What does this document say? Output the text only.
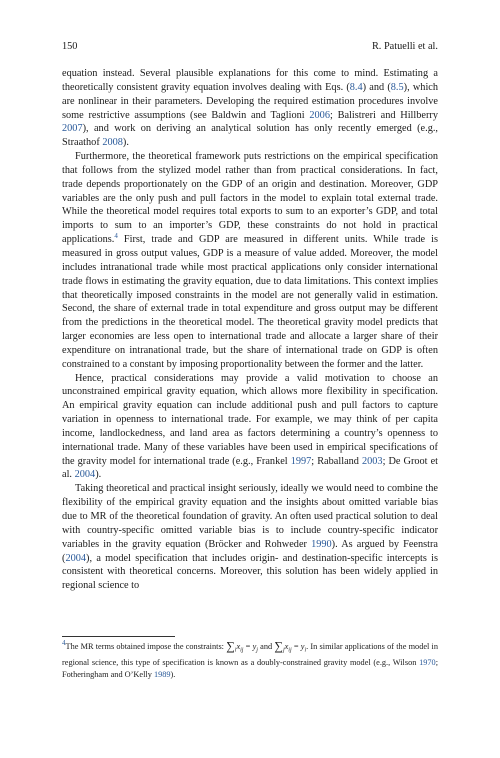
150	R. Patuelli et al.

equation instead. Several plausible explanations for this come to mind. Estimating a theoretically consistent gravity equation involves dealing with Eqs. (8.4) and (8.5), which are nonlinear in their parameters. Developing the required estimation procedures involve some restrictive assumptions (see Baldwin and Taglioni 2006; Balistreri and Hillberry 2007), and work on deriving an analytical solution has only recently emerged (e.g., Straathof 2008).

Furthermore, the theoretical framework puts restrictions on the empirical specification that follows from the stylized model rather than from practical considerations. In fact, trade depends proportionately on the GDP of an origin and destination. Moreover, GDP variables are the only push and pull factors in the model to explain total external trade. While the theoretical model requires total exports to sum to an exporter’s GDP, and total imports to sum to an importer’s GDP, these constraints do not hold in practical applications.$^4$ First, trade and GDP are measured in different units. While trade is measured in gross output values, GDP is a measure of value added. Moreover, the model includes intranational trade while most practical applications only consider international trade flows in estimating the gravity equation, due to data limitations. This context implies that theoretically imposed constraints in the model are not generally valid in estimation. Second, the share of external trade in total expenditure and gross output may be different from the predictions in the theoretical model. The theoretical gravity model predicts that larger economies are less open to international trade and allocate a larger share of their expenditure on intranational trade, but the share of international trade on GDP is often constrained to a constant by imposing proportionality between the former and the latter.

Hence, practical considerations may provide a valid motivation to choose an unconstrained empirical gravity equation, which allows more flexibility in specification. An empirical gravity equation can include additional push and pull factors to capture variation in openness to international trade. For example, we may think of per capita income, landlockedness, and land area as factors determining a country’s openness to international trade. Many of these variables have been used in empirical specifications of the gravity model for international trade (e.g., Frankel 1997; Raballand 2003; De Groot et al. 2004).

Taking theoretical and practical insight seriously, ideally we would need to combine the flexibility of the empirical gravity equation and the insights about omitted variable bias due to MR of the theoretical foundation of gravity. An often used practical solution to deal with country-specific omitted variable bias is to include country-specific indicator variables in the gravity equation (Bröcker and Rohweder 1990). As argued by Feenstra (2004), a model specification that includes origin- and destination-specific intercepts is consistent with theoretical concerns. Moreover, this solution has been widely applied in regional science to

$^4$The MR terms obtained impose the constraints: $\sum_ix_{ij} = y_j$ and $\sum_jx_{ij} = y_i$. In similar applications of the model in regional science, this type of specification is known as a doubly-constrained gravity model (e.g., Wilson 1970; Fotheringham and O’Kelly 1989).
